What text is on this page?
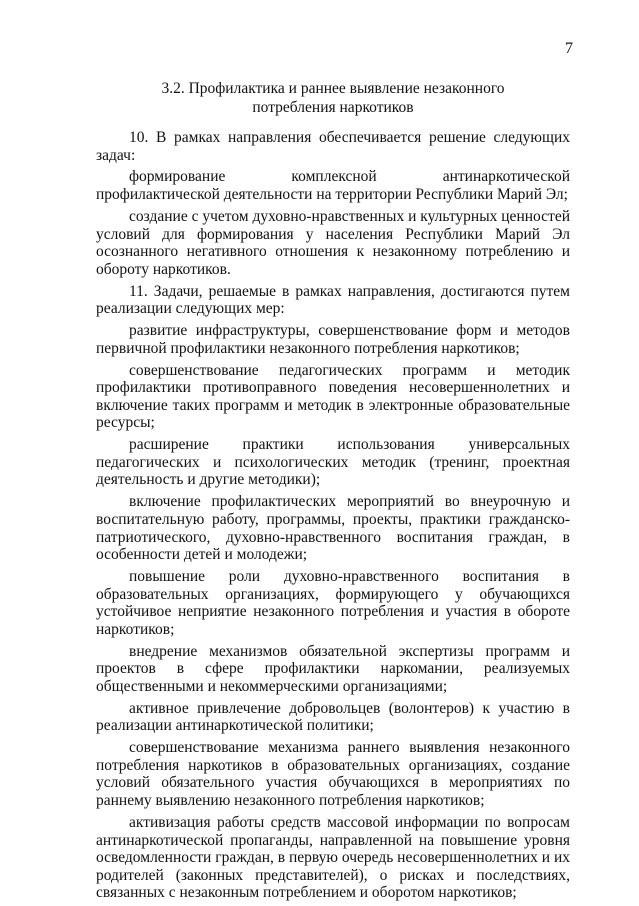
7
3.2. Профилактика и раннее выявление незаконного
потребления наркотиков

10. В рамках направления обеспечивается решение следующих задач:

формирование комплексной антинаркотической профилактической деятельности на территории Республики Марий Эл;

создание с учетом духовно-нравственных и культурных ценностей условий для формирования у населения Республики Марий Эл осознанного негативного отношения к незаконному потреблению и обороту наркотиков.

11. Задачи, решаемые в рамках направления, достигаются путем реализации следующих мер:

развитие инфраструктуры, совершенствование форм и методов первичной профилактики незаконного потребления наркотиков;

совершенствование педагогических программ и методик профилактики противоправного поведения несовершеннолетних и включение таких программ и методик в электронные образовательные ресурсы;

расширение практики использования универсальных педагогических и психологических методик (тренинг, проектная деятельность и другие методики);

включение профилактических мероприятий во внеурочную и воспитательную работу, программы, проекты, практики гражданско-патриотического, духовно-нравственного воспитания граждан, в особенности детей и молодежи;

повышение роли духовно-нравственного воспитания в образовательных организациях, формирующего у обучающихся устойчивое неприятие незаконного потребления и участия в обороте наркотиков;

внедрение механизмов обязательной экспертизы программ и проектов в сфере профилактики наркомании, реализуемых общественными и некоммерческими организациями;

активное привлечение добровольцев (волонтеров) к участию в реализации антинаркотической политики;

совершенствование механизма раннего выявления незаконного потребления наркотиков в образовательных организациях, создание условий обязательного участия обучающихся в мероприятиях по раннему выявлению незаконного потребления наркотиков;

активизация работы средств массовой информации по вопросам антинаркотической пропаганды, направленной на повышение уровня осведомленности граждан, в первую очередь несовершеннолетних и их родителей (законных представителей), о рисках и последствиях, связанных с незаконным потреблением и оборотом наркотиков;
